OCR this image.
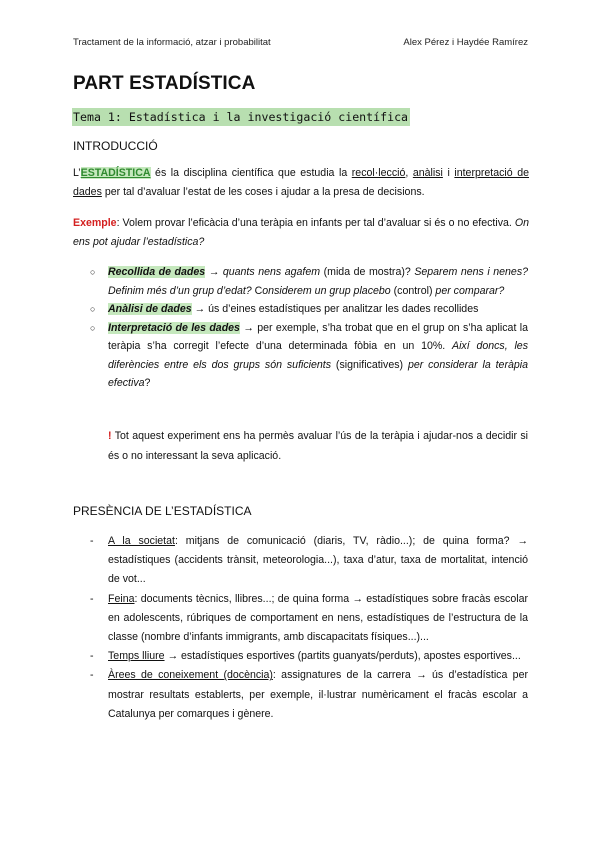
Tractament de la informació, atzar i probabilitat	Alex Pérez i Haydée Ramírez
PART ESTADÍSTICA
Tema 1: Estadística i la investigació científica
INTRODUCCIÓ

L’ESTADÍSTICA és la disciplina científica que estudia la recol·lecció, anàlisi i interpretació de dades per tal d’avaluar l’estat de les coses i ajudar a la presa de decisions.

Exemple: Volem provar l’eficàcia d’una teràpia en infants per tal d’avaluar si és o no efectiva. On ens pot ajudar l’estadística?

○ Recollida de dades → quants nens agafem (mida de mostra)? Separem nens i nenes? Definim més d’un grup d’edat? Considerem un grup placebo (control) per comparar?
○ Anàlisi de dades → ús d’eines estadístiques per analitzar les dades recollides
○ Interpretació de les dades → per exemple, s’ha trobat que en el grup on s’ha aplicat la teràpia s’ha corregit l’efecte d’una determinada fòbia en un 10%. Així doncs, les diferències entre els dos grups són suficients (significatives) per considerar la teràpia efectiva?
! Tot aquest experiment ens ha permès avaluar l’ús de la teràpia i ajudar-nos a decidir si és o no interessant la seva aplicació.
PRESÈNCIA DE L’ESTADÍSTICA
- A la societat: mitjans de comunicació (diaris, TV, ràdio...); de quina forma? → estadístiques (accidents trànsit, meteorologia...), taxa d’atur, taxa de mortalitat, intenció de vot...
- Feina: documents tècnics, llibres...; de quina forma → estadístiques sobre fracàs escolar en adolescents, rúbriques de comportament en nens, estadístiques de l’estructura de la classe (nombre d’infants immigrants, amb discapacitats físiques...)...
- Temps lliure → estadístiques esportives (partits guanyats/perduts), apostes esportives...
- Àrees de coneixement (docència): assignatures de la carrera → ús d’estadística per mostrar resultats establerts, per exemple, il·lustrar numèricament el fracàs escolar a Catalunya per comarques i gènere.
